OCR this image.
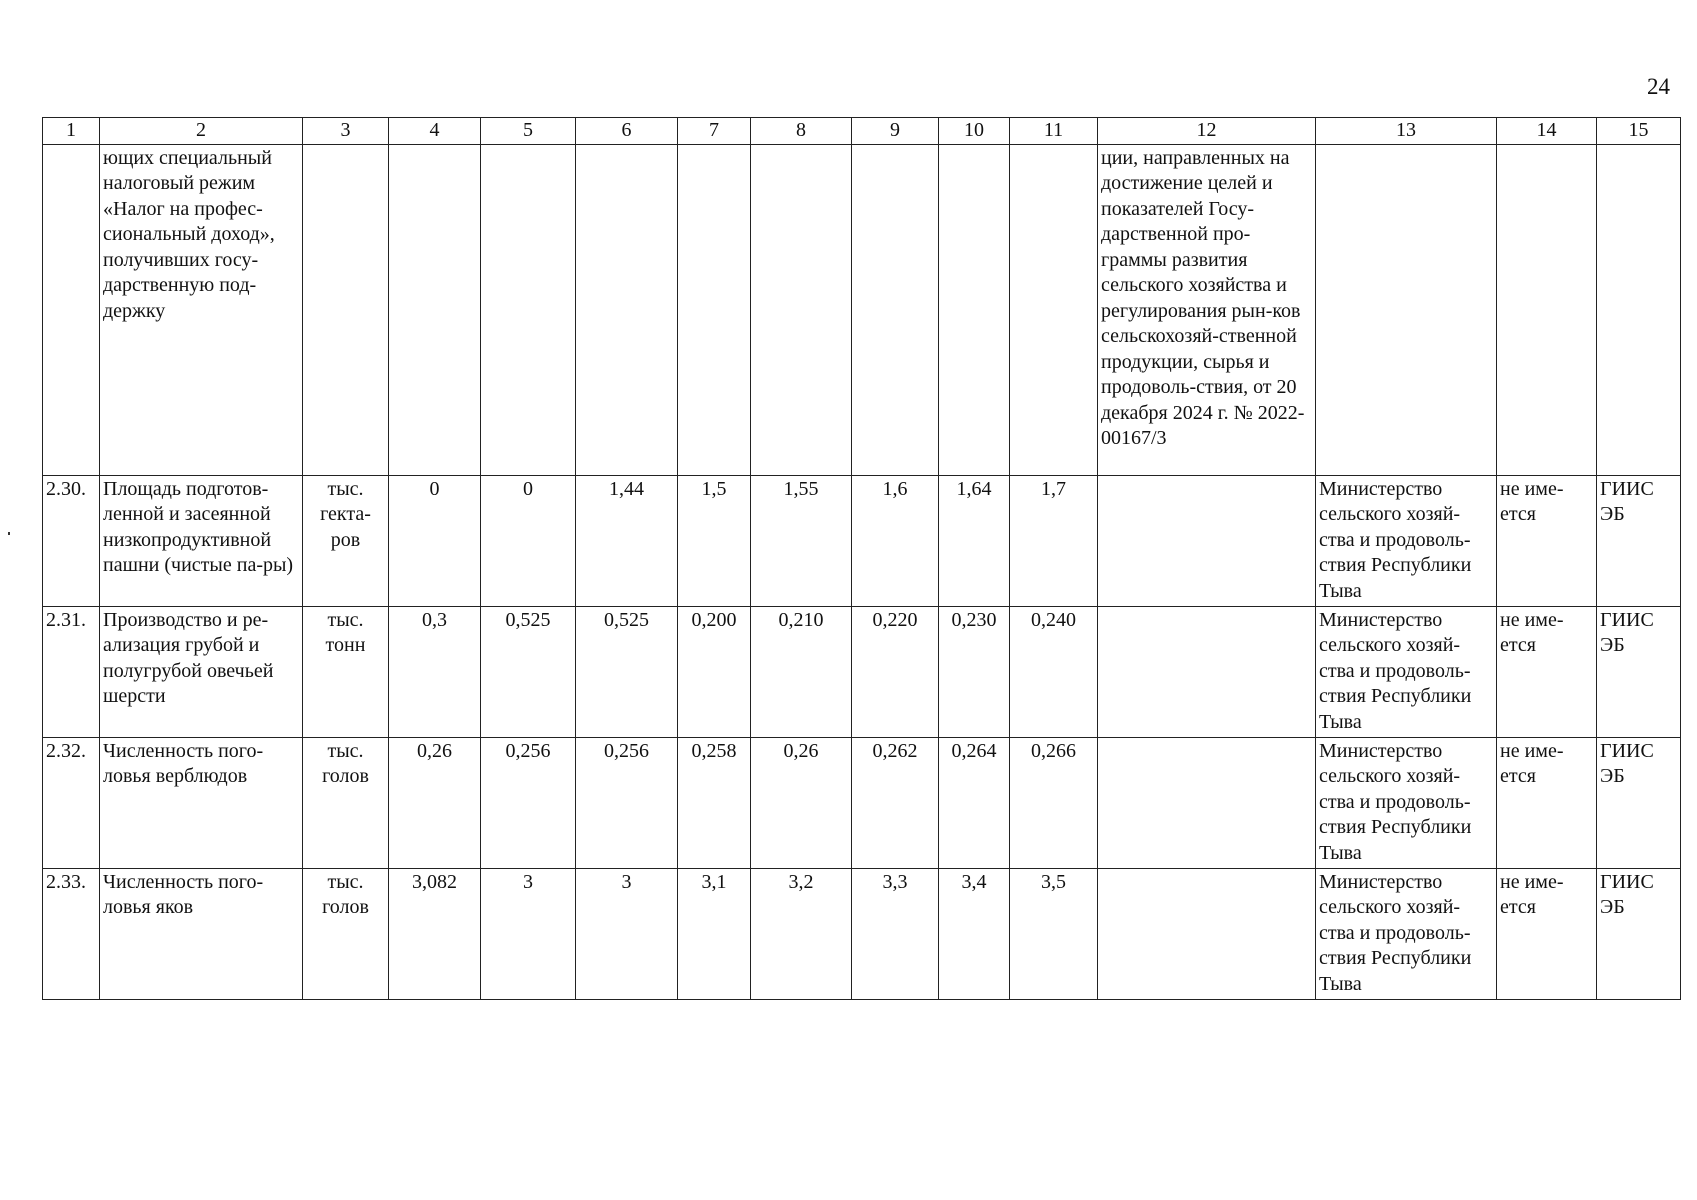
24
1	2	3	4	5	6	7	8	9	10	11	12	13	14	15
	ющих специальный налоговый режим «Налог на профес-сиональный доход», получивших госу-дарственную под-держку										ции, направленных на достижение целей и показателей Госу-дарственной про-граммы развития сельского хозяйства и регулирования рын-ков сельскохозяй-ственной продукции, сырья и продоволь-ствия, от 20 декабря 2024 г. № 2022-00167/3			
2.30.	Площадь подготов-ленной и засеянной низкопродуктивной пашни (чистые па-ры)	тыс. гекта-ров	0	0	1,44	1,5	1,55	1,6	1,64	1,7		Министерство сельского хозяй-ства и продоволь-ствия Республики Тыва	не име-ется	ГИИС ЭБ
2.31.	Производство и ре-ализация грубой и полугрубой овечьей шерсти	тыс. тонн	0,3	0,525	0,525	0,200	0,210	0,220	0,230	0,240		Министерство сельского хозяй-ства и продоволь-ствия Республики Тыва	не име-ется	ГИИС ЭБ
2.32.	Численность пого-ловья верблюдов	тыс. голов	0,26	0,256	0,256	0,258	0,26	0,262	0,264	0,266		Министерство сельского хозяй-ства и продоволь-ствия Республики Тыва	не име-ется	ГИИС ЭБ
2.33.	Численность пого-ловья яков	тыс. голов	3,082	3	3	3,1	3,2	3,3	3,4	3,5		Министерство сельского хозяй-ства и продоволь-ствия Республики Тыва	не име-ется	ГИИС ЭБ
